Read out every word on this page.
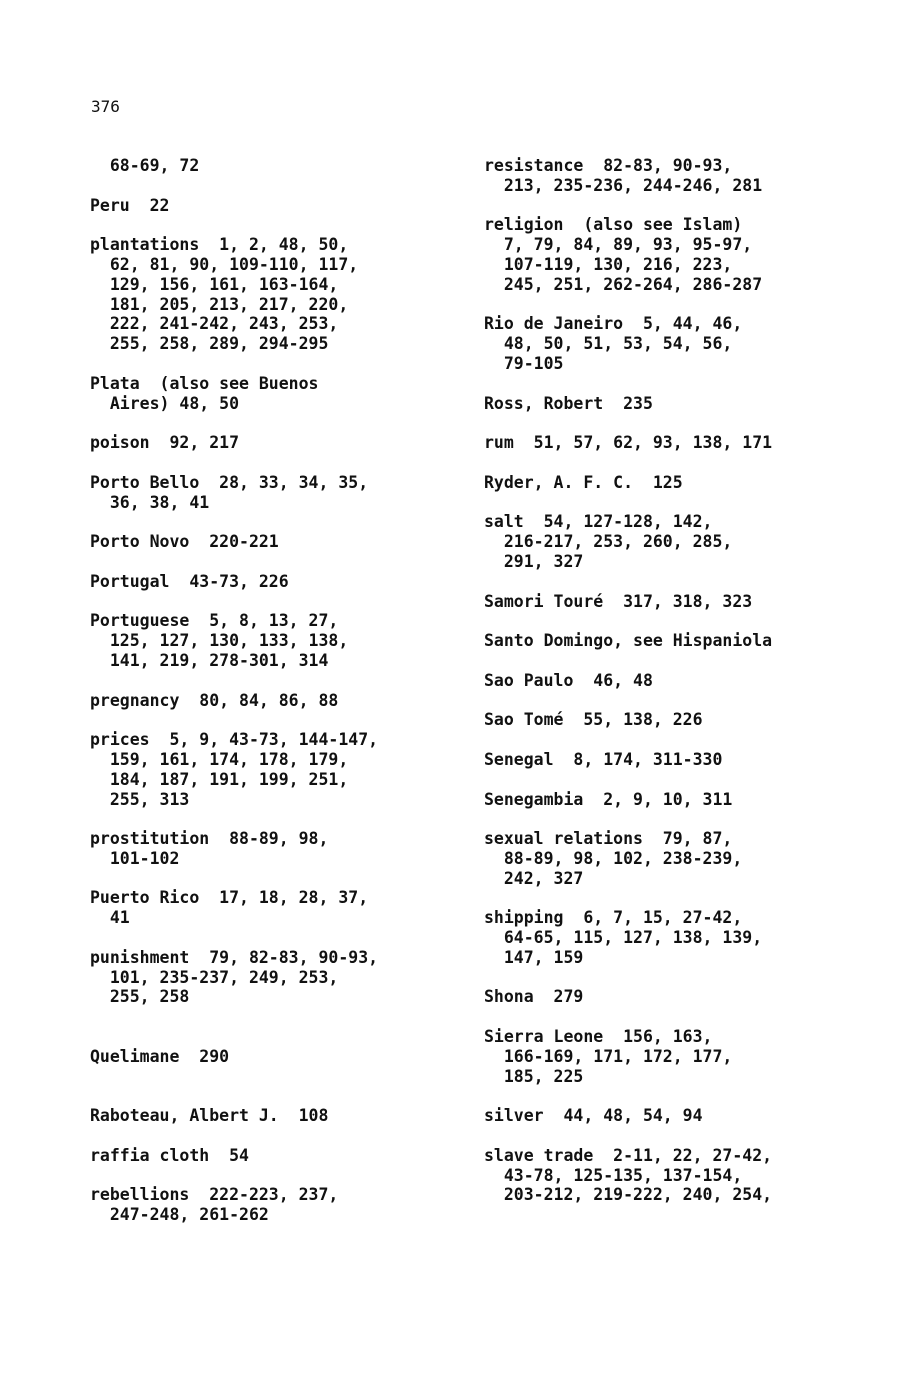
376
68-69, 72
Peru  22
plantations  1, 2, 48, 50,
62, 81, 90, 109-110, 117,
129, 156, 161, 163-164,
181, 205, 213, 217, 220,
222, 241-242, 243, 253,
255, 258, 289, 294-295
Plata  (also see Buenos
Aires) 48, 50
poison  92, 217
Porto Bello  28, 33, 34, 35,
36, 38, 41
Porto Novo  220-221
Portugal  43-73, 226
Portuguese  5, 8, 13, 27,
125, 127, 130, 133, 138,
141, 219, 278-301, 314
pregnancy  80, 84, 86, 88
prices  5, 9, 43-73, 144-147,
159, 161, 174, 178, 179,
184, 187, 191, 199, 251,
255, 313
prostitution  88-89, 98,
101-102
Puerto Rico  17, 18, 28, 37,
41
punishment  79, 82-83, 90-93,
101, 235-237, 249, 253,
255, 258
Quelimane  290
Raboteau, Albert J.  108
raffia cloth  54
rebellions  222-223, 237,
247-248, 261-262
resistance  82-83, 90-93,
213, 235-236, 244-246, 281
religion  (also see Islam)
7, 79, 84, 89, 93, 95-97,
107-119, 130, 216, 223,
245, 251, 262-264, 286-287
Rio de Janeiro  5, 44, 46,
48, 50, 51, 53, 54, 56,
79-105
Ross, Robert  235
rum  51, 57, 62, 93, 138, 171
Ryder, A. F. C.  125
salt  54, 127-128, 142,
216-217, 253, 260, 285,
291, 327
Samori Touré  317, 318, 323
Santo Domingo, see Hispaniola
Sao Paulo  46, 48
Sao Tomé  55, 138, 226
Senegal  8, 174, 311-330
Senegambia  2, 9, 10, 311
sexual relations  79, 87,
88-89, 98, 102, 238-239,
242, 327
shipping  6, 7, 15, 27-42,
64-65, 115, 127, 138, 139,
147, 159
Shona  279
Sierra Leone  156, 163,
166-169, 171, 172, 177,
185, 225
silver  44, 48, 54, 94
slave trade  2-11, 22, 27-42,
43-78, 125-135, 137-154,
203-212, 219-222, 240, 254,
